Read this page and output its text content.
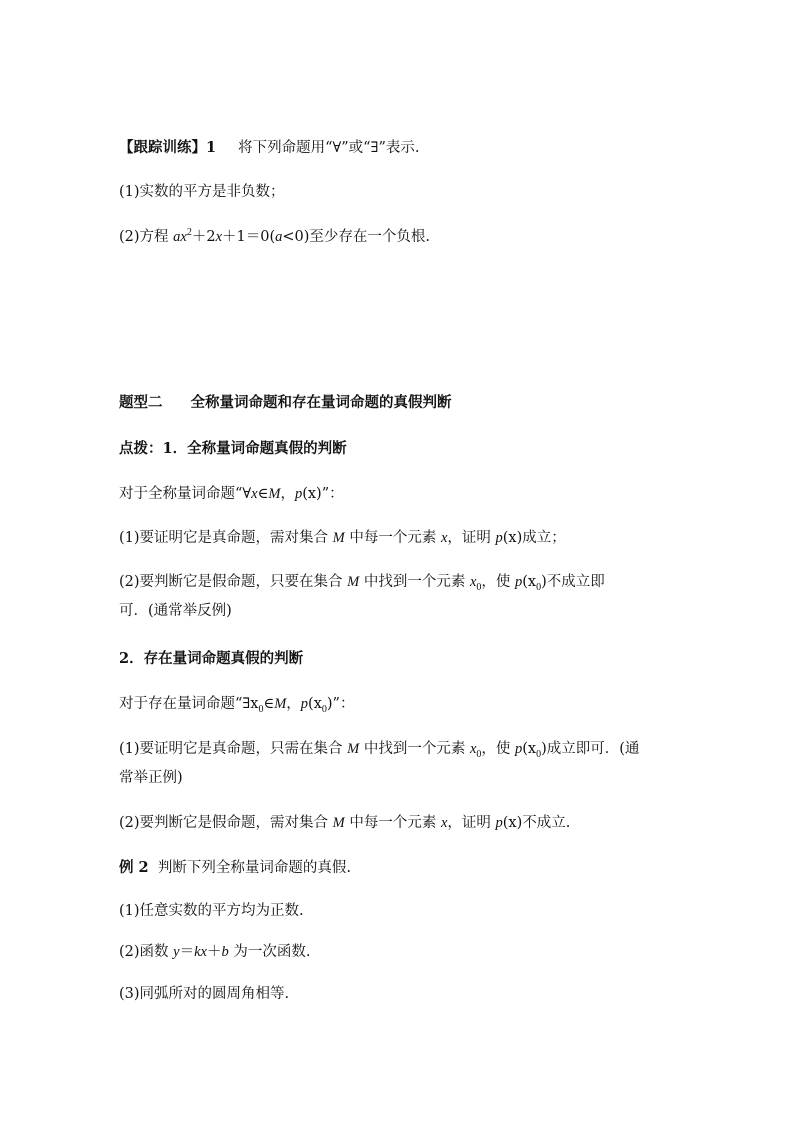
【跟踪训练】1 将下列命题用“∀”或“∃”表示.
(1)实数的平方是非负数；
(2)方程 $ax^2+2x+1=0(a<0)$至少存在一个负根.
题型二 全称量词命题和存在量词命题的真假判断
点拨：1．全称量词命题真假的判断
对于全称量词命题“∀x∈M，p(x)”：
(1)要证明它是真命题，需对集合 M 中每一个元素 x，证明 p(x)成立；
(2)要判断它是假命题，只要在集合 M 中找到一个元素 $x_0$，使 $p(x_0)$不成立即
可．(通常举反例)
2．存在量词命题真假的判断
对于存在量词命题“$\exists x_0\in M$，$p(x_0)$”：
(1)要证明它是真命题，只需在集合 M 中找到一个元素 $x_0$，使 $p(x_0)$成立即可．(通
常举正例)
(2)要判断它是假命题，需对集合 M 中每一个元素 x，证明 p(x)不成立.
例 2 判断下列全称量词命题的真假.
(1)任意实数的平方均为正数.
(2)函数 y＝kx＋b 为一次函数.
(3)同弧所对的圆周角相等.
